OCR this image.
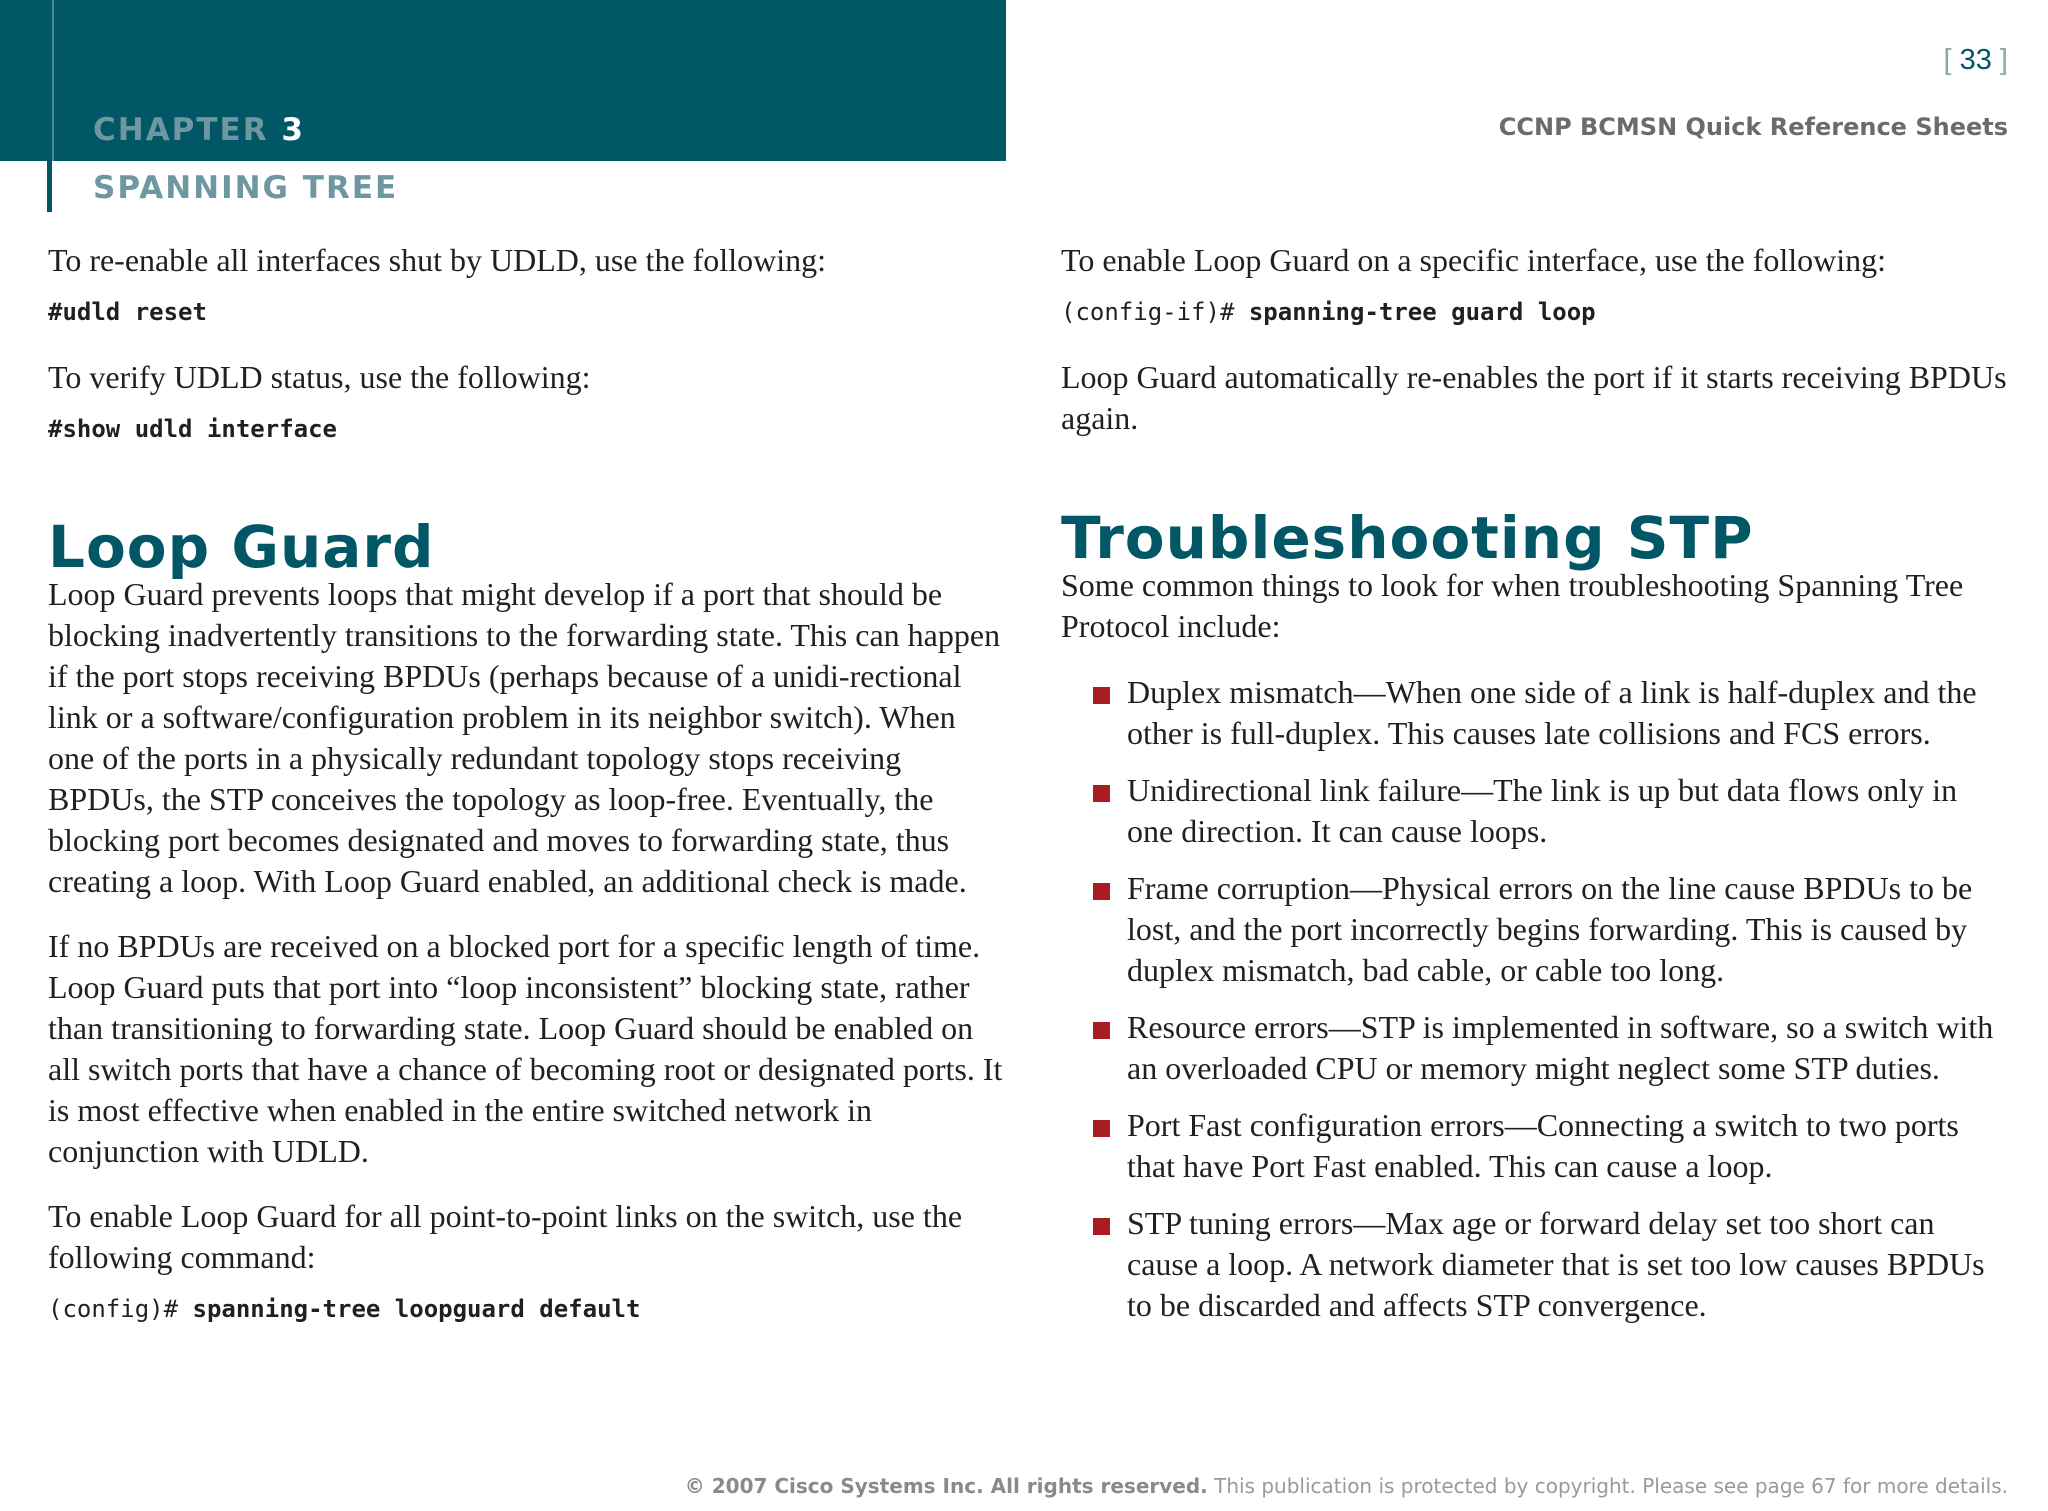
CHAPTER 3
SPANNING TREE
[ 33 ]
CCNP BCMSN Quick Reference Sheets

To re-enable all interfaces shut by UDLD, use the following:

#udld reset

To verify UDLD status, use the following:

#show udld interface
Loop Guard

Loop Guard prevents loops that might develop if a port that should be blocking inadvertently transitions to the forwarding state. This can happen if the port stops receiving BPDUs (perhaps because of a unidi-rectional link or a software/configuration problem in its neighbor switch). When one of the ports in a physically redundant topology stops receiving BPDUs, the STP conceives the topology as loop-free. Eventually, the blocking port becomes designated and moves to forwarding state, thus creating a loop. With Loop Guard enabled, an additional check is made.

If no BPDUs are received on a blocked port for a specific length of time. Loop Guard puts that port into “loop inconsistent” blocking state, rather than transitioning to forwarding state. Loop Guard should be enabled on all switch ports that have a chance of becoming root or designated ports. It is most effective when enabled in the entire switched network in conjunction with UDLD.

To enable Loop Guard for all point-to-point links on the switch, use the following command:

(config)# spanning-tree loopguard default

To enable Loop Guard on a specific interface, use the following:

(config-if)# spanning-tree guard loop

Loop Guard automatically re-enables the port if it starts receiving BPDUs again.

Troubleshooting STP

Some common things to look for when troubleshooting Spanning Tree Protocol include:

Duplex mismatch—When one side of a link is half-duplex and the other is full-duplex. This causes late collisions and FCS errors.

Unidirectional link failure—The link is up but data flows only in one direction. It can cause loops.

Frame corruption—Physical errors on the line cause BPDUs to be lost, and the port incorrectly begins forwarding. This is caused by duplex mismatch, bad cable, or cable too long.

Resource errors—STP is implemented in software, so a switch with an overloaded CPU or memory might neglect some STP duties.

Port Fast configuration errors—Connecting a switch to two ports that have Port Fast enabled. This can cause a loop.

STP tuning errors—Max age or forward delay set too short can cause a loop. A network diameter that is set too low causes BPDUs to be discarded and affects STP convergence.

© 2007 Cisco Systems Inc. All rights reserved. This publication is protected by copyright. Please see page 67 for more details.
